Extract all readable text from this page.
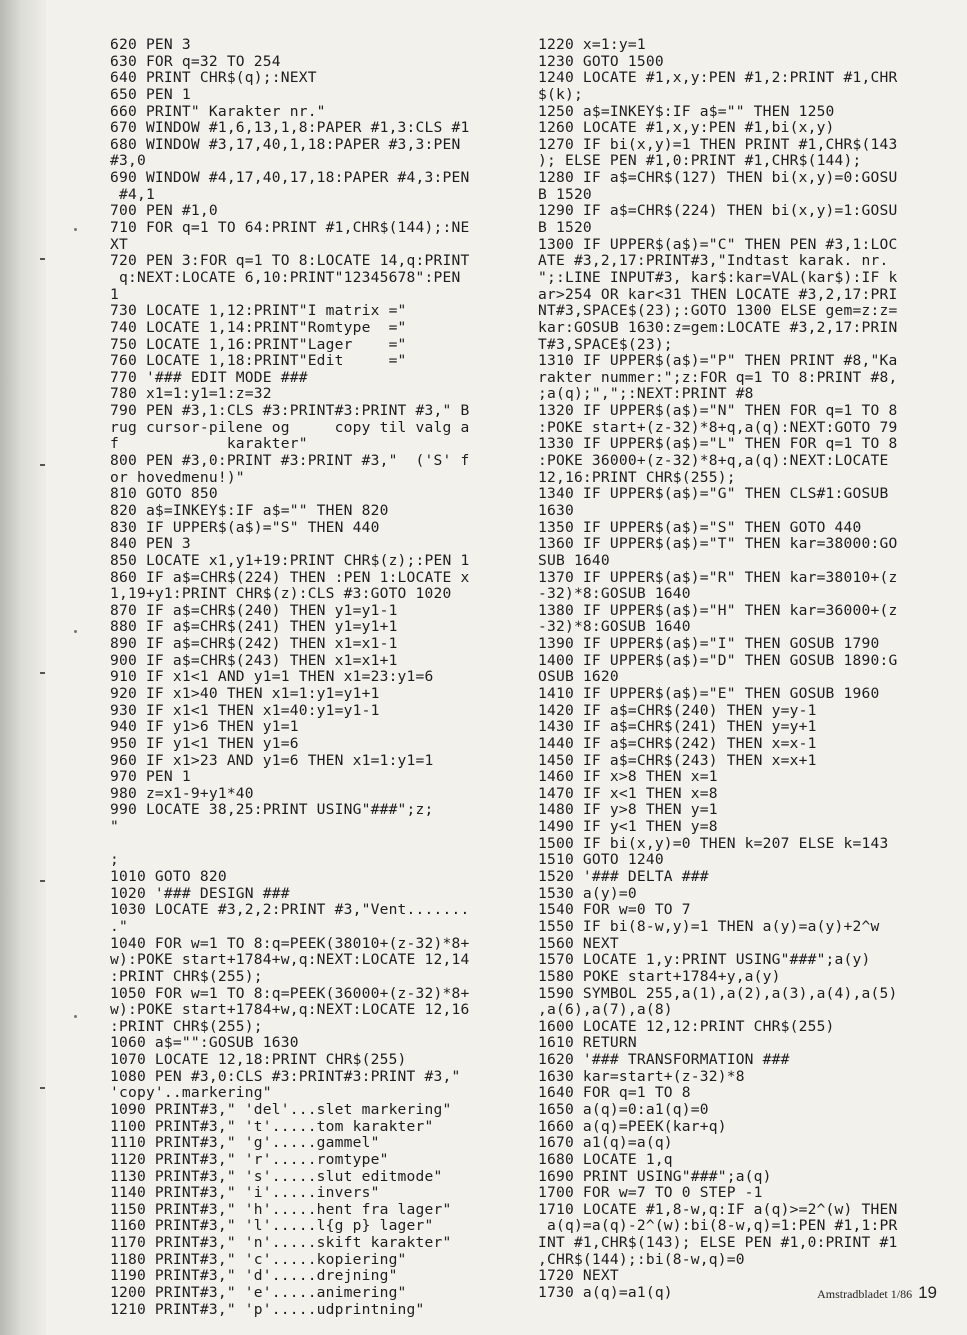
620 PEN 3
630 FOR q=32 TO 254
640 PRINT CHR$(q);:NEXT
650 PEN 1
660 PRINT" Karakter nr."
670 WINDOW #1,6,13,1,8:PAPER #1,3:CLS #1
680 WINDOW #3,17,40,1,18:PAPER #3,3:PEN
#3,0
690 WINDOW #4,17,40,17,18:PAPER #4,3:PEN
#4,1
700 PEN #1,0
710 FOR q=1 TO 64:PRINT #1,CHR$(144);:NE
XT
720 PEN 3:FOR q=1 TO 8:LOCATE 14,q:PRINT
q:NEXT:LOCATE 6,10:PRINT"12345678":PEN
1
730 LOCATE 1,12:PRINT"I matrix ="
740 LOCATE 1,14:PRINT"Romtype  ="
750 LOCATE 1,16:PRINT"Lager    ="
760 LOCATE 1,18:PRINT"Edit     ="
770 '### EDIT MODE ###
780 x1=1:y1=1:z=32
790 PEN #3,1:CLS #3:PRINT#3:PRINT #3," B
rug cursor-pilene og     copy til valg a
f            karakter"
800 PEN #3,0:PRINT #3:PRINT #3,"  ('S' f
or hovedmenu!)"
810 GOTO 850
820 a$=INKEY$:IF a$="" THEN 820
830 IF UPPER$(a$)="S" THEN 440
840 PEN 3
850 LOCATE x1,y1+19:PRINT CHR$(z);:PEN 1
860 IF a$=CHR$(224) THEN :PEN 1:LOCATE x
1,19+y1:PRINT CHR$(z):CLS #3:GOTO 1020
870 IF a$=CHR$(240) THEN y1=y1-1
880 IF a$=CHR$(241) THEN y1=y1+1
890 IF a$=CHR$(242) THEN x1=x1-1
900 IF a$=CHR$(243) THEN x1=x1+1
910 IF x1<1 AND y1=1 THEN x1=23:y1=6
920 IF x1>40 THEN x1=1:y1=y1+1
930 IF x1<1 THEN x1=40:y1=y1-1
940 IF y1>6 THEN y1=1
950 IF y1<1 THEN y1=6
960 IF x1>23 AND y1=6 THEN x1=1:y1=1
970 PEN 1
980 z=x1-9+y1*40
990 LOCATE 38,25:PRINT USING"###";z;
"
;
1010 GOTO 820
1020 '### DESIGN ###
1030 LOCATE #3,2,2:PRINT #3,"Vent.......
."
1040 FOR w=1 TO 8:q=PEEK(38010+(z-32)*8+
w):POKE start+1784+w,q:NEXT:LOCATE 12,14
:PRINT CHR$(255);
1050 FOR w=1 TO 8:q=PEEK(36000+(z-32)*8+
w):POKE start+1784+w,q:NEXT:LOCATE 12,16
:PRINT CHR$(255);
1060 a$="":GOSUB 1630
1070 LOCATE 12,18:PRINT CHR$(255)
1080 PEN #3,0:CLS #3:PRINT#3:PRINT #3,"
'copy'..markering"
1090 PRINT#3," 'del'...slet markering"
1100 PRINT#3," 't'.....tom karakter"
1110 PRINT#3," 'g'.....gammel"
1120 PRINT#3," 'r'.....romtype"
1130 PRINT#3," 's'.....slut editmode"
1140 PRINT#3," 'i'.....invers"
1150 PRINT#3," 'h'.....hent fra lager"
1160 PRINT#3," 'l'.....l{g p} lager"
1170 PRINT#3," 'n'.....skift karakter"
1180 PRINT#3," 'c'.....kopiering"
1190 PRINT#3," 'd'.....drejning"
1200 PRINT#3," 'e'.....animering"
1210 PRINT#3," 'p'.....udprintning"
1220 x=1:y=1
1230 GOTO 1500
1240 LOCATE #1,x,y:PEN #1,2:PRINT #1,CHR
$(k);
1250 a$=INKEY$:IF a$="" THEN 1250
1260 LOCATE #1,x,y:PEN #1,bi(x,y)
1270 IF bi(x,y)=1 THEN PRINT #1,CHR$(143
); ELSE PEN #1,0:PRINT #1,CHR$(144);
1280 IF a$=CHR$(127) THEN bi(x,y)=0:GOSU
B 1520
1290 IF a$=CHR$(224) THEN bi(x,y)=1:GOSU
B 1520
1300 IF UPPER$(a$)="C" THEN PEN #3,1:LOC
ATE #3,2,17:PRINT#3,"Indtast karak. nr.
";:LINE INPUT#3, kar$:kar=VAL(kar$):IF k
ar>254 OR kar<31 THEN LOCATE #3,2,17:PRI
NT#3,SPACE$(23);:GOTO 1300 ELSE gem=z:z=
kar:GOSUB 1630:z=gem:LOCATE #3,2,17:PRIN
T#3,SPACE$(23);
1310 IF UPPER$(a$)="P" THEN PRINT #8,"Ka
rakter nummer:";z:FOR q=1 TO 8:PRINT #8,
;a(q);",";:NEXT:PRINT #8
1320 IF UPPER$(a$)="N" THEN FOR q=1 TO 8
:POKE start+(z-32)*8+q,a(q):NEXT:GOTO 79
1330 IF UPPER$(a$)="L" THEN FOR q=1 TO 8
:POKE 36000+(z-32)*8+q,a(q):NEXT:LOCATE
12,16:PRINT CHR$(255);
1340 IF UPPER$(a$)="G" THEN CLS#1:GOSUB
1630
1350 IF UPPER$(a$)="S" THEN GOTO 440
1360 IF UPPER$(a$)="T" THEN kar=38000:GO
SUB 1640
1370 IF UPPER$(a$)="R" THEN kar=38010+(z
-32)*8:GOSUB 1640
1380 IF UPPER$(a$)="H" THEN kar=36000+(z
-32)*8:GOSUB 1640
1390 IF UPPER$(a$)="I" THEN GOSUB 1790
1400 IF UPPER$(a$)="D" THEN GOSUB 1890:G
OSUB 1620
1410 IF UPPER$(a$)="E" THEN GOSUB 1960
1420 IF a$=CHR$(240) THEN y=y-1
1430 IF a$=CHR$(241) THEN y=y+1
1440 IF a$=CHR$(242) THEN x=x-1
1450 IF a$=CHR$(243) THEN x=x+1
1460 IF x>8 THEN x=1
1470 IF x<1 THEN x=8
1480 IF y>8 THEN y=1
1490 IF y<1 THEN y=8
1500 IF bi(x,y)=0 THEN k=207 ELSE k=143
1510 GOTO 1240
1520 '### DELTA ###
1530 a(y)=0
1540 FOR w=0 TO 7
1550 IF bi(8-w,y)=1 THEN a(y)=a(y)+2^w
1560 NEXT
1570 LOCATE 1,y:PRINT USING"###";a(y)
1580 POKE start+1784+y,a(y)
1590 SYMBOL 255,a(1),a(2),a(3),a(4),a(5)
,a(6),a(7),a(8)
1600 LOCATE 12,12:PRINT CHR$(255)
1610 RETURN
1620 '### TRANSFORMATION ###
1630 kar=start+(z-32)*8
1640 FOR q=1 TO 8
1650 a(q)=0:a1(q)=0
1660 a(q)=PEEK(kar+q)
1670 a1(q)=a(q)
1680 LOCATE 1,q
1690 PRINT USING"###";a(q)
1700 FOR w=7 TO 0 STEP -1
1710 LOCATE #1,8-w,q:IF a(q)>=2^(w) THEN
a(q)=a(q)-2^(w):bi(8-w,q)=1:PEN #1,1:PR
INT #1,CHR$(143); ELSE PEN #1,0:PRINT #1
,CHR$(144);:bi(8-w,q)=0
1720 NEXT
1730 a(q)=a1(q)	Amstradbladet 1/86 19
